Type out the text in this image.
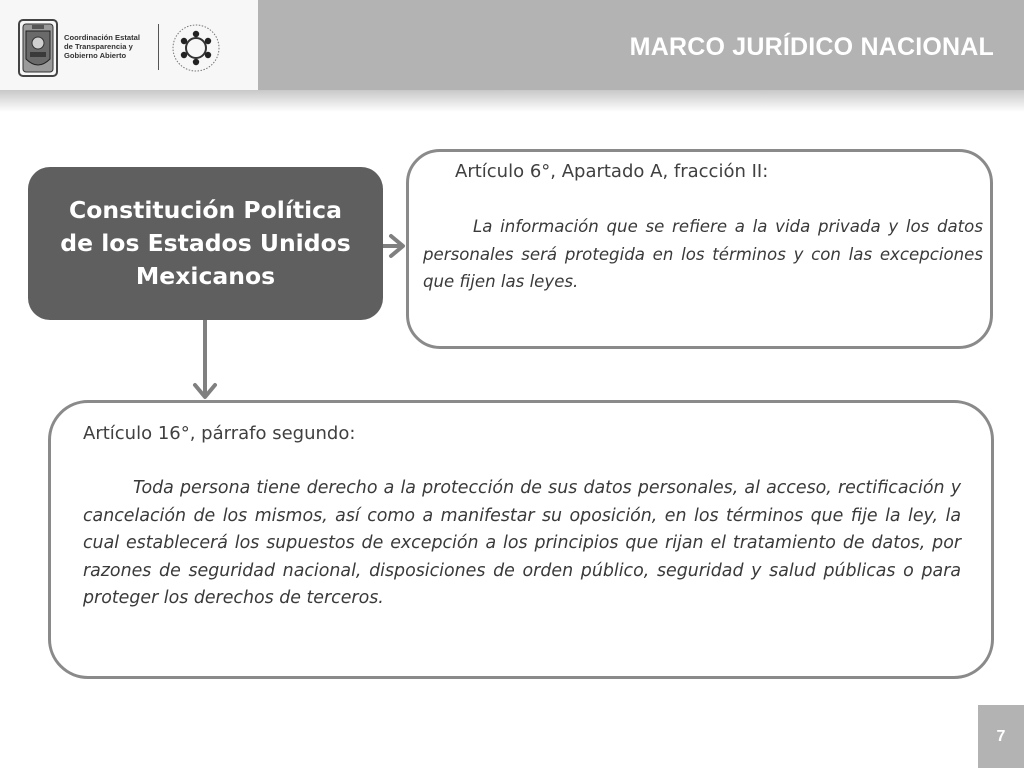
Coordinación Estatal
de Transparencia y
Gobierno Abierto	MARCO JURÍDICO NACIONAL
Constitución Política de los Estados Unidos Mexicanos
Artículo 6°, Apartado A, fracción II:
La información que se refiere a la vida privada y los datos personales será protegida en los términos y con las excepciones que fijen las leyes.
Artículo 16°, párrafo segundo:
Toda persona tiene derecho a la protección de sus datos personales, al acceso, rectificación y cancelación de los mismos, así como a manifestar su oposición, en los términos que fije la ley, la cual establecerá los supuestos de excepción a los principios que rijan el tratamiento de datos, por razones de seguridad nacional, disposiciones de orden público, seguridad y salud públicas o para proteger los derechos de terceros.
7
